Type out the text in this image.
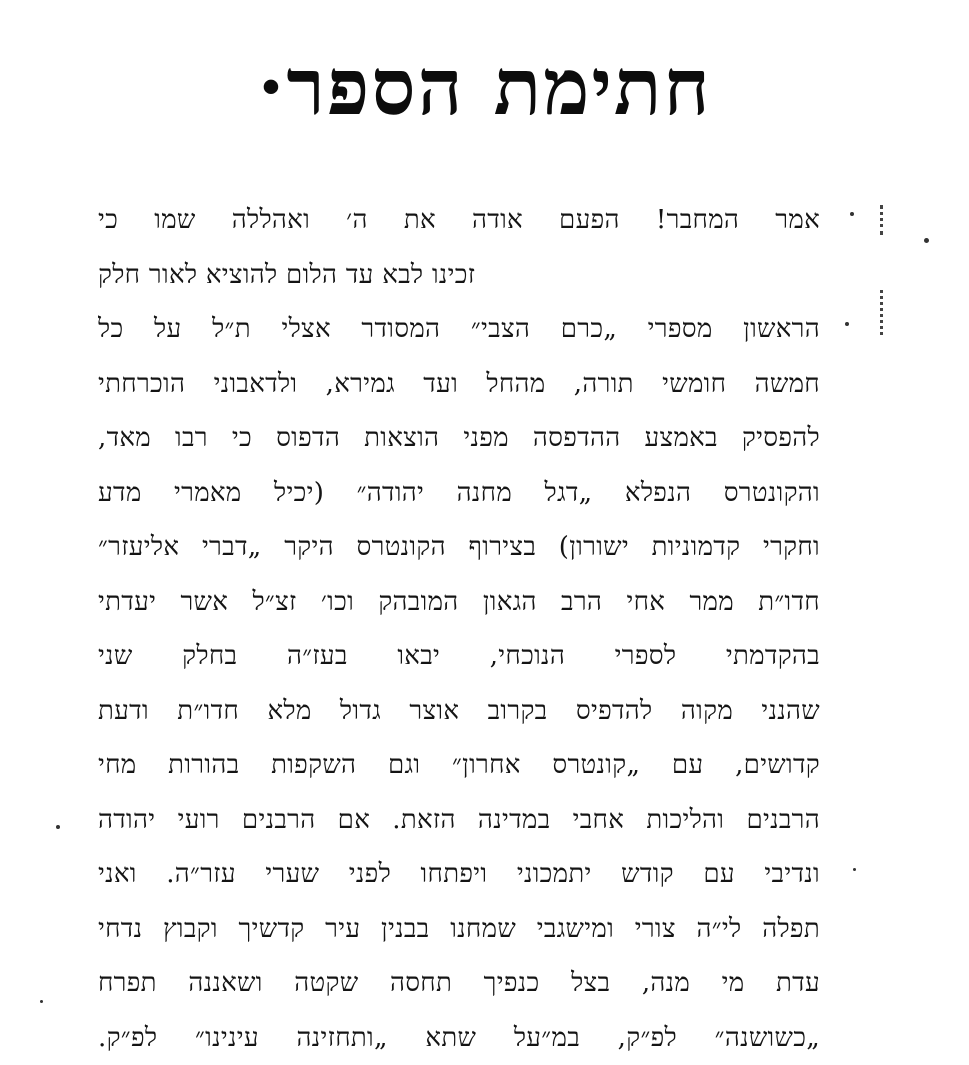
חתימת הספר·
אמר המחבר! הפעם אודה את ה׳ ואהללה שמו כי
זכינו לבא עד הלום להוציא לאור חלק
הראשון מספרי „כרם הצבי״ המסודר אצלי ת״ל על כל
חמשה חומשי תורה, מהחל ועד גמירא, ולדאבוני הוכרחתי
להפסיק באמצע ההדפסה מפני הוצאות הדפוס כי רבו מאד,
והקונטרס הנפלא „דגל מחנה יהודה״ (יכיל מאמרי מדע
וחקרי קדמוניות ישורון) בצירוף הקונטרס היקר „דברי אליעזר״
חדו״ת ממר אחי הרב הגאון המובהק וכו׳ זצ״ל אשר יעדתי
בהקדמתי לספרי הנוכחי, יבאו בעז״ה בחלק שני
שהנני מקוה להדפיס בקרוב אוצר גדול מלא חדו״ת ודעת
קדושים, עם „קונטרס אחרון״ וגם השקפות בהורות מחי
הרבנים והליכות אחבי במדינה הזאת. אם הרבנים רועי יהודה
ונדיבי עם קודש יתמכוני ויפתחו לפני שערי עזר״ה. ואני
תפלה לי״ה צורי ומישגבי שמחנו בבנין עיר קדשיך וקבוץ נדחי
עדת מי מנה, בצל כנפיך תחסה שקטה ושאננה תפרח
„כשושנה״ לפ״ק, במ״על שתא „ותחזינה עינינו״ לפ״ק.
